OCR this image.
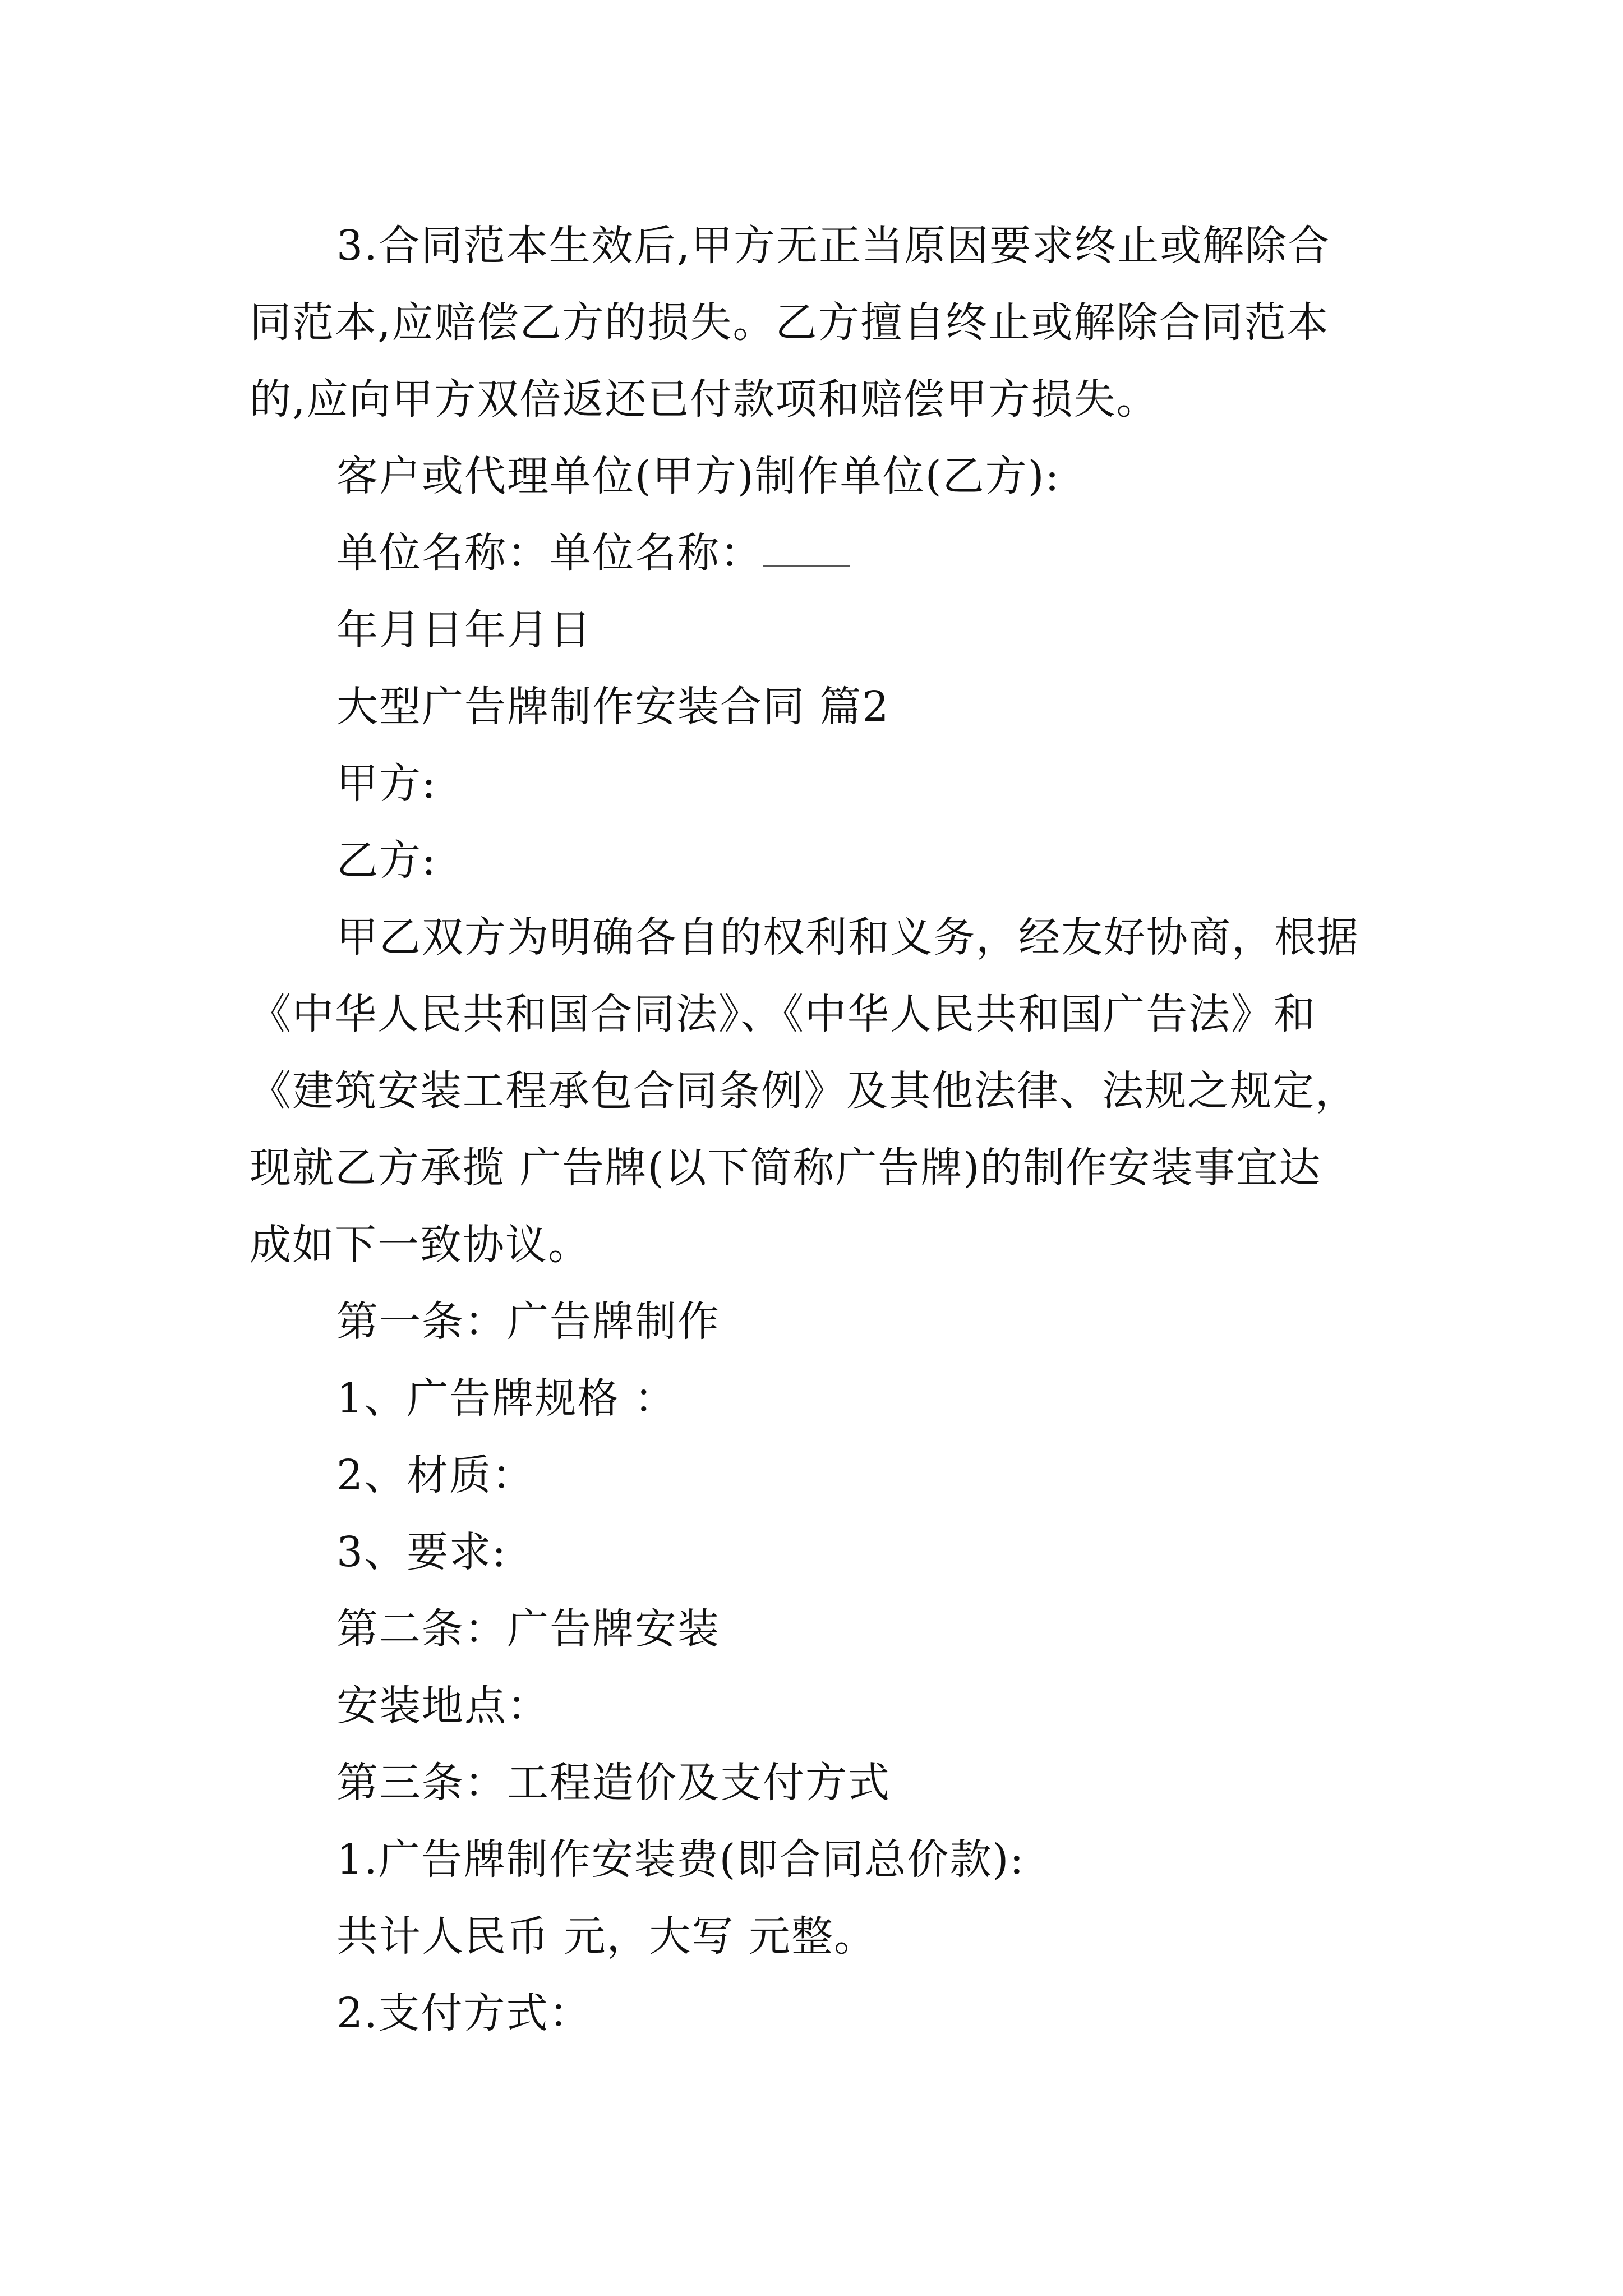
3.合同范本生效后,甲方无正当原因要求终止或解除合

同范本,应赔偿乙方的损失。乙方擅自终止或解除合同范本

的,应向甲方双倍返还已付款项和赔偿甲方损失。

客户或代理单位(甲方)制作单位(乙方):

单位名称：单位名称：

年月日年月日

大型广告牌制作安装合同 篇2

甲方:

乙方:

甲乙双方为明确各自的权利和义务，经友好协商，根据

《中华人民共和国合同法》、《中华人民共和国广告法》和

《建筑安装工程承包合同条例》及其他法律、法规之规定，

现就乙方承揽 广告牌(以下简称广告牌)的制作安装事宜达

成如下一致协议。

第一条：广告牌制作

1、广告牌规格 ：

2、材质：

3、要求:

第二条：广告牌安装

安装地点：

第三条：工程造价及支付方式

1.广告牌制作安装费(即合同总价款):

共计人民币 元，大写 元整。

2.支付方式：
